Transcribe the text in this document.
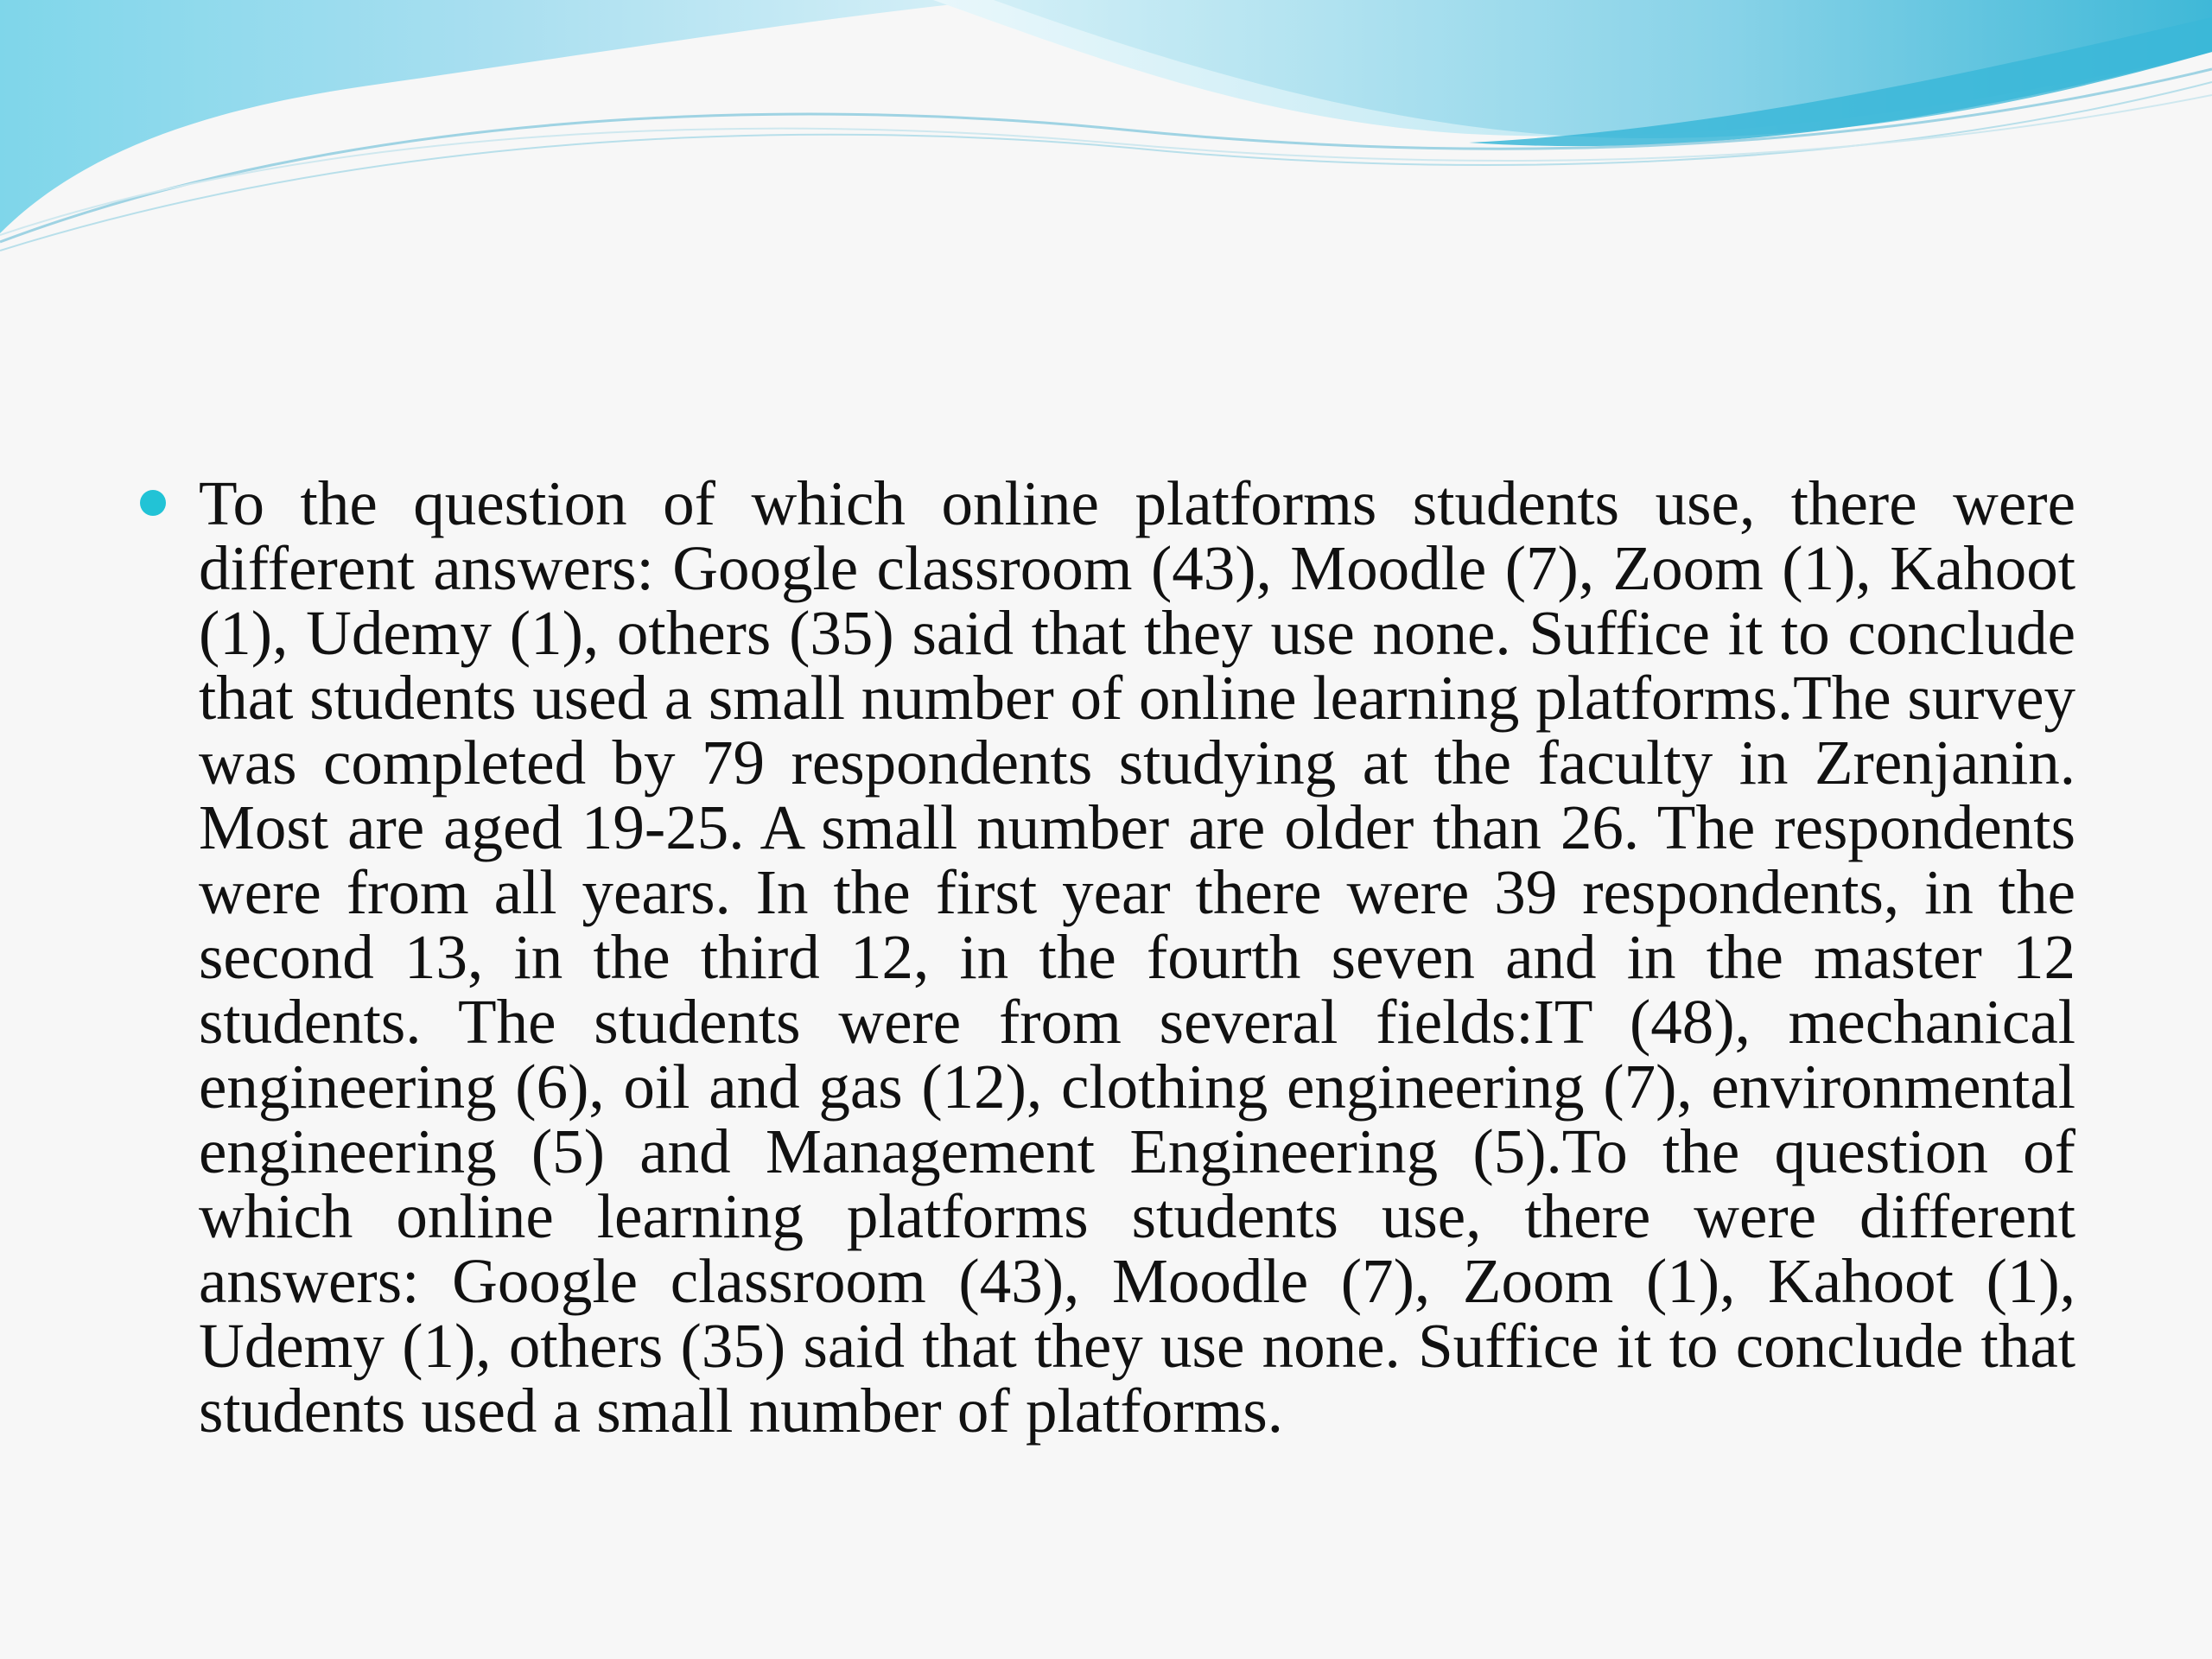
To the question of which online platforms students use, there were different answers: Google classroom (43), Moodle (7), Zoom (1), Kahoot (1), Udemy (1), others (35) said that they use none. Suffice it to conclude that students used a small number of online learning platforms.The survey was completed by 79 respondents studying at the faculty in Zrenjanin. Most are aged 19-25. A small number are older than 26. The respondents were from all years. In the first year there were 39 respondents, in the second 13, in the third 12, in the fourth seven and in the master 12 students. The students were from several fields:IT (48), mechanical engineering (6), oil and gas (12), clothing engineering (7), environmental engineering (5) and Management Engineering (5).To the question of which online learning platforms students use, there were different answers: Google classroom (43), Moodle (7), Zoom (1), Kahoot (1), Udemy (1), others (35) said that they use none. Suffice it to conclude that students used a small number of platforms.
